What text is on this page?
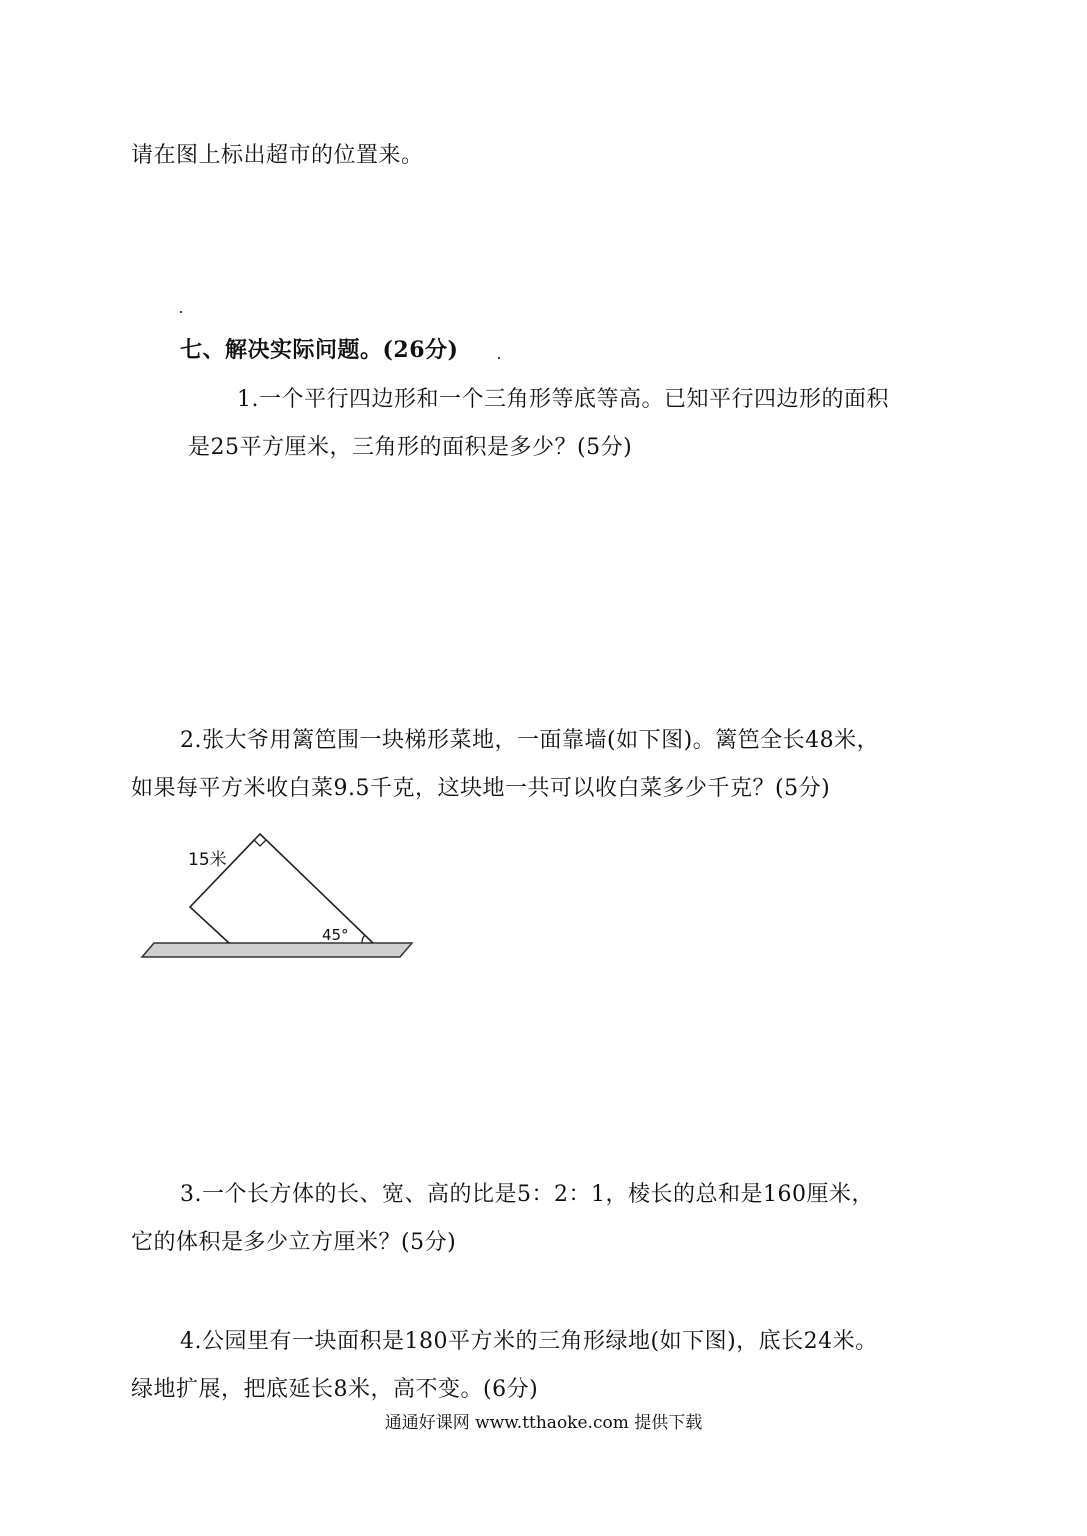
请在图上标出超市的位置来。
七、解决实际问题。(26分)
1.一个平行四边形和一个三角形等底等高。已知平行四边形的面积
是25平方厘米，三角形的面积是多少？(5分)
2.张大爷用篱笆围一块梯形菜地，一面靠墙(如下图)。篱笆全长48米，
如果每平方米收白菜9.5千克，这块地一共可以收白菜多少千克？(5分)
15米
45°
3.一个长方体的长、宽、高的比是5：2：1，棱长的总和是160厘米，
它的体积是多少立方厘米？(5分)
4.公园里有一块面积是180平方米的三角形绿地(如下图)，底长24米。
绿地扩展，把底延长8米，高不变。(6分)
通通好课网 www.tthaoke.com 提供下载
